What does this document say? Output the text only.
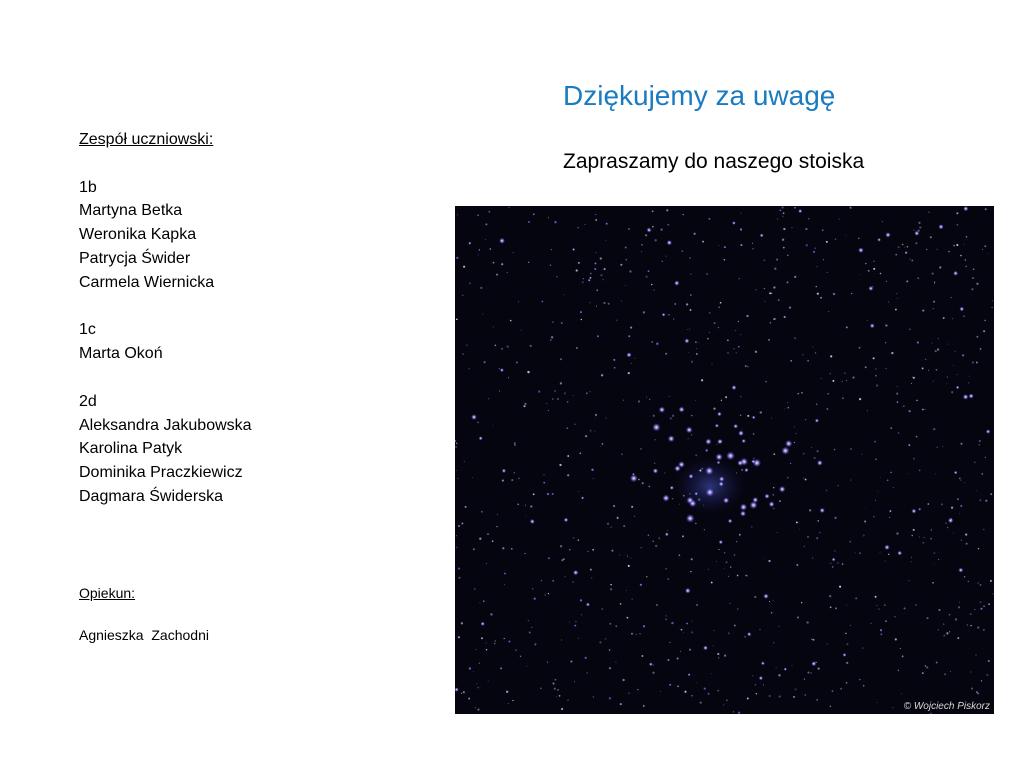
Dziękujemy za uwagę
Zapraszamy do naszego stoiska
Zespół uczniowski:
1b
Martyna Betka
Weronika Kapka
Patrycja Świder
Carmela Wiernicka
1c
Marta Okoń
2d
Aleksandra Jakubowska
Karolina Patyk
Dominika Praczkiewicz
Dagmara Świderska
Opiekun:
Agnieszka  Zachodni
© Wojciech Piskorz
